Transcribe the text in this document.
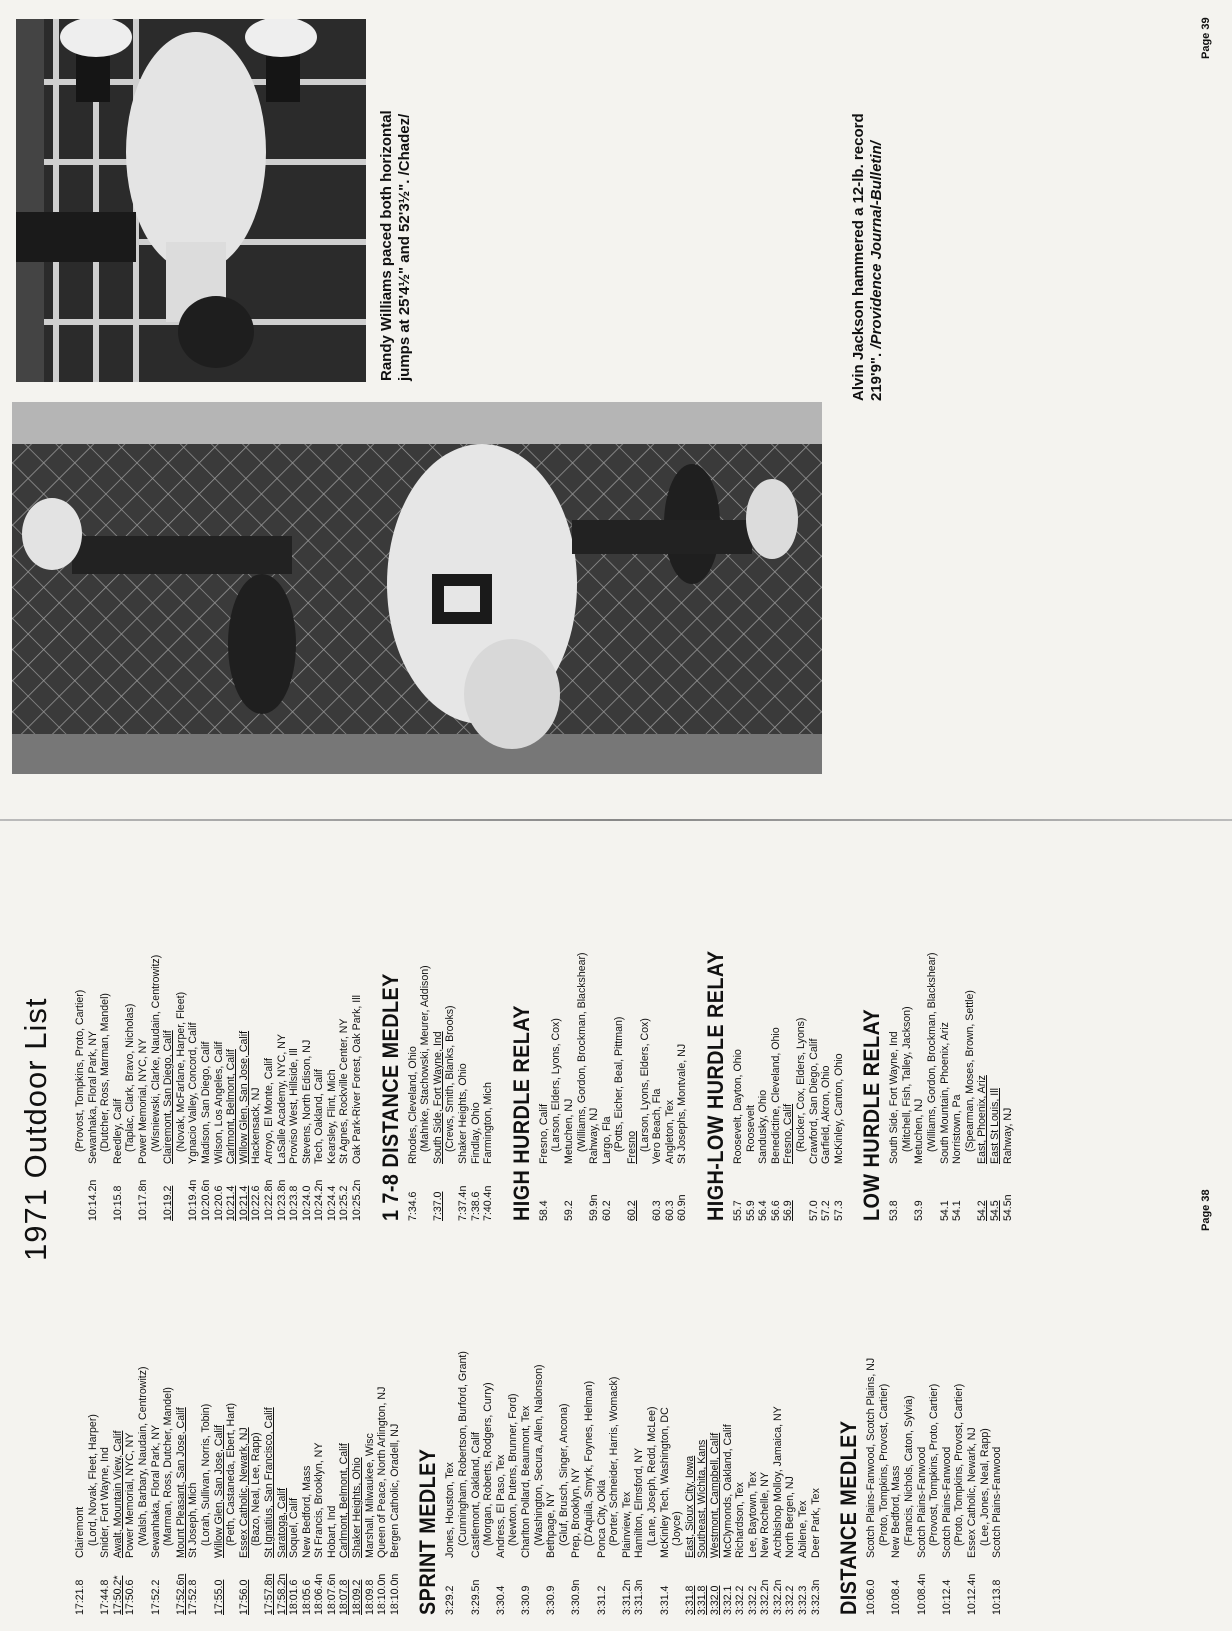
1971 Outdoor List
17:21.8
Clairemont (Lord, Novak, Fleet, Harper)
17:44.8
Snider, Fort Wayne, Ind
17:50.2*
Awalt, Mountain View, Calif
17:50.6
Power Memorial, NYC, NY (Walsh, Barbary, Naudain, Centrowitz)
17:52.2
Sewanhaka, Floral Park, NY (Marman, Ross, Dutcher, Mandel)
17:52.6n
Mount Pleasant, San Jose, Calif
17:52.8
St Joseph, Mich (Lorah, Sullivan, Norris, Tobin)
17:55.0
Willow Glen, San Jose, Calif (Peth, Castaneda, Ebert, Hart)
17:56.0
Essex Catholic, Newark, NJ (Bazo, Neal, Lee, Rapp)
17:57.8n
St Ignatius, San Francisco, Calif
17:58.2n
Saratoga, Calif
18:01.6
Soquel, Calif
18:05.6
New Bedford, Mass
18:06.4n
St Francis, Brooklyn, NY
18:07.6n
Hobart, Ind
18:07.8
Carlmont, Belmont, Calif
18:09.2
Shaker Heights, Ohio
18:09.8
Marshall, Milwaukee, Wisc
18:10.0n
Queen of Peace, North Arlington, NJ
18:10.0n
Bergen Catholic, Oradell, NJ SPRINT MEDLEY 3:29.2
Jones, Houston, Tex (Cunningham, Robertson, Burford, Grant)
3:29.5n
Castlemont, Oakland, Calif (Morgan, Roberts, Rodgers, Curry)
3:30.4
Andress, El Paso, Tex (Newton, Putens, Brunner, Ford)
3:30.9
Charlton Pollard, Beaumont, Tex (Washington, Secura, Allen, Nalonson)
3:30.9
Bethpage, NY (Gluf, Brusch, Singer, Ancona)
3:30.9n
Prep, Brooklyn, NY (D'Aquila, Smyrk, Foynes, Helman)
3:31.2
Ponca City, Okla (Porter, Schneider, Harris, Womack)
3:31.2n
Plainview, Tex
3:31.3n
Hamilton, Elmsford, NY (Lane, Joseph, Redd, McLee)
3:31.4
McKinley Tech, Washington, DC (Joyce)
3:31.8
East, Sioux City, Iowa
3:31.8
Southeast, Wichita, Kans
3:32.0
Westmont, Campbell, Calif
3:32.1
McClymonds, Oakland, Calif
3:32.2
Richardson, Tex
3:32.2
Lee, Baytown, Tex
3:32.2n
New Rochelle, NY
3:32.2n
Archbishop Molloy, Jamaica, NY
3:32.2
North Bergen, NJ
3:32.3
Abilene, Tex
3:32.3n
Deer Park, Tex DISTANCE MEDLEY 10:06.0
Scotch Plains-Fanwood, Scotch Plains, NJ (Proto, Tompkins, Provost, Cartier)
10:08.4
New Bedford, Mass (Francis, Nichols, Caton, Sylvia)
10:08.4n
Scotch Plains-Fanwood (Provost, Tompkins, Proto, Cartier)
10:12.4
Scotch Plains-Fanwood (Proto, Tompkins, Provost, Cartier)
10:12.4n
Essex Catholic, Newark, NJ (Lee, Jones, Neal, Rapp)
10:13.8
Scotch Plains-Fanwood
(Provost, Tompkins, Proto, Cartier)
10:14.2n
Sewanhaka, Floral Park, NY (Dutcher, Ross, Marman, Mandel)
10:15.8
Reedley, Calif (Taplac, Clark, Bravo, Nicholas)
10:17.8n
Power Memorial, NYC, NY (Wisniewski, Clarke, Naudain, Centrowitz)
10:19.2
Clairemont, San Diego, Calif (Novak, McFarlane, Harper, Fleet)
10:19.4n
Ygnacio Valley, Concord, Calif
10:20.6n
Madison, San Diego, Calif
10:20.6
Wilson, Los Angeles, Calif
10:21.4
Carlmont, Belmont, Calif
10:21.4
Willow Glen, San Jose, Calif
10:22.6
Hackensack, NJ
10:22.8n
Arroyo, El Monte, Calif
10:23.8n
LaSalle Academy, NYC, NY
10:23.8
Proviso West, Hillside, Ill
10:24.0
Stevens, North Edison, NJ
10:24.2n
Tech, Oakland, Calif
10:24.4
Kearsley, Flint, Mich
10:25.2
St Agnes, Rockville Center, NY
10:25.2n
Oak Park-River Forest, Oak Park, Ill 1 7-8 DISTANCE MEDLEY 7:34.6
Rhodes, Cleveland, Ohio (Mahnke, Stachowski, Meurer, Addison)
7:37.0
South Side, Fort Wayne, Ind (Crews, Smith, Blanks, Brooks)
7:37.4n
Shaker Heights, Ohio
7:38.6
Findlay, Ohio
7:40.4n
Farmington, Mich HIGH HURDLE RELAY 58.4
Fresno, Calif (Larson, Elders, Lyons, Cox)
59.2
Metuchen, NJ (Williams, Gordon, Brockman, Blackshear)
59.9n
Rahway, NJ
60.2
Largo, Fla (Potts, Eicher, Beal, Pittman)
60.2
Fresno (Larson, Lyons, Elders, Cox)
60.3
Vero Beach, Fla
60.3
Angleton, Tex
60.9n
St Josephs, Montvale, NJ HIGH-LOW HURDLE RELAY 55.7
Roosevelt, Dayton, Ohio
55.9
Roosevelt
56.4
Sandusky, Ohio
56.6
Benedictine, Cleveland, Ohio
56.9
Fresno, Calif (Rucker, Cox, Elders, Lyons)
57.0
Crawford, San Diego, Calif
57.2
Garfield, Akron, Ohio
57.3
McKinley, Canton, Ohio LOW HURDLE RELAY 53.8
South Side, Fort Wayne, Ind (Mitchell, Fish, Talley, Jackson)
53.9
Metuchen, NJ (Williams, Gordon, Brockman, Blackshear)
54.1
South Mountain, Phoenix, Ariz
54.1
Norristown, Pa (Spearman, Moses, Brown, Settle)
54.2
East, Phoenix, Ariz
54.5
East St Louis, Ill
54.5n
Rahway, NJ
Page 38
Alvin Jackson hammered a 12-lb. record 219'9". /Providence Journal-Bulletin/
Randy Williams paced both horizontal jumps at 25'4½" and 52'3½". /Chadez/
Page 39
